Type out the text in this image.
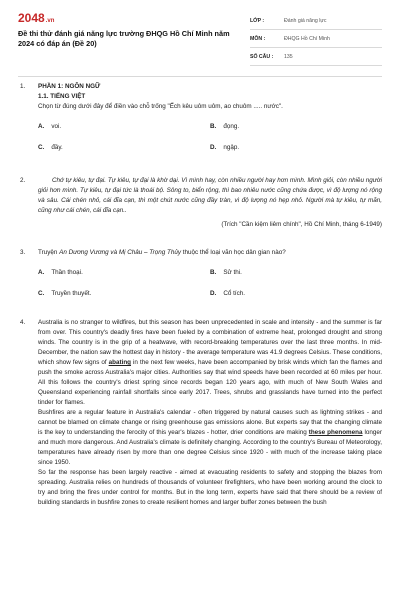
2048.vn
Đề thi thử đánh giá năng lực trường ĐHQG Hồ Chí Minh năm 2024 có đáp án (Đề 20)
LỚP :	Đánh giá năng lực
MÔN :	ĐHQG Hồ Chí Minh
SỐ CÂU :	135
1. PHẦN 1: NGÔN NGỮ
1.1. TIẾNG VIỆT
Chọn từ đúng dưới đây để điền vào chỗ trống "Ếch kêu uôm uôm, ao chuôm ..... nước".
A. voi.	B. đọng.
C. đầy.	D. ngập.
2.	Chớ tự kiêu, tự đại. Tự kiêu, tự đại là khờ dại. Vì mình hay, còn nhiều người hay hơn mình. Mình giỏi, còn nhiều người giỏi hơn mình. Tự kiêu, tự đại tức là thoái bộ. Sông to, biển rộng, thì bao nhiêu nước cũng chứa được, vì độ lượng nó rộng và sâu. Cái chén nhỏ, cái đĩa cạn, thì một chút nước cũng đầy tràn, vì độ lượng nó hẹp nhỏ. Người mà tự kiêu, tự mãn, cũng như cái chén, cái đĩa cạn..
(Trích "Cần kiệm liêm chính", Hồ Chí Minh, tháng 6-1949)
3. Truyện An Dương Vương và Mị Châu – Trọng Thủy thuộc thể loại văn học dân gian nào?
A. Thần thoại.	B. Sử thi.
C. Truyền thuyết.	D. Cổ tích.
4. Australia is no stranger to wildfires, but this season has been unprecedented in scale and intensity - and the summer is far from over. This country's deadly fires have been fueled by a combination of extreme heat, prolonged drought and strong winds. The country is in the grip of a heatwave, with record-breaking temperatures over the last three months. In mid-December, the nation saw the hottest day in history - the average temperature was 41.9 degrees Celsius. These conditions, which show few signs of abating in the next few weeks, have been accompanied by brisk winds which fan the flames and push the smoke across Australia's major cities. Authorities say that wind speeds have been recorded at 60 miles per hour. All this follows the country's driest spring since records began 120 years ago, with much of New South Wales and Queensland experiencing rainfall shortfalls since early 2017. Trees, shrubs and grasslands have turned into the perfect tinder for flames.

Bushfires are a regular feature in Australia's calendar - often triggered by natural causes such as lightning strikes - and cannot be blamed on climate change or rising greenhouse gas emissions alone. But experts say that the changing climate is the key to understanding the ferocity of this year's blazes - hotter, drier conditions are making these phenomena longer and much more dangerous. And Australia's climate is definitely changing. According to the country's Bureau of Meteorology, temperatures have already risen by more than one degree Celsius since 1920 - with much of the increase taking place since 1950.

So far the response has been largely reactive - aimed at evacuating residents to safety and stopping the blazes from spreading. Australia relies on hundreds of thousands of volunteer firefighters, who have been working around the clock to try and bring the fires under control for months. But in the long term, experts have said that there should be a review of building standards in bushfire zones to create resilient homes and larger buffer zones between the bush
